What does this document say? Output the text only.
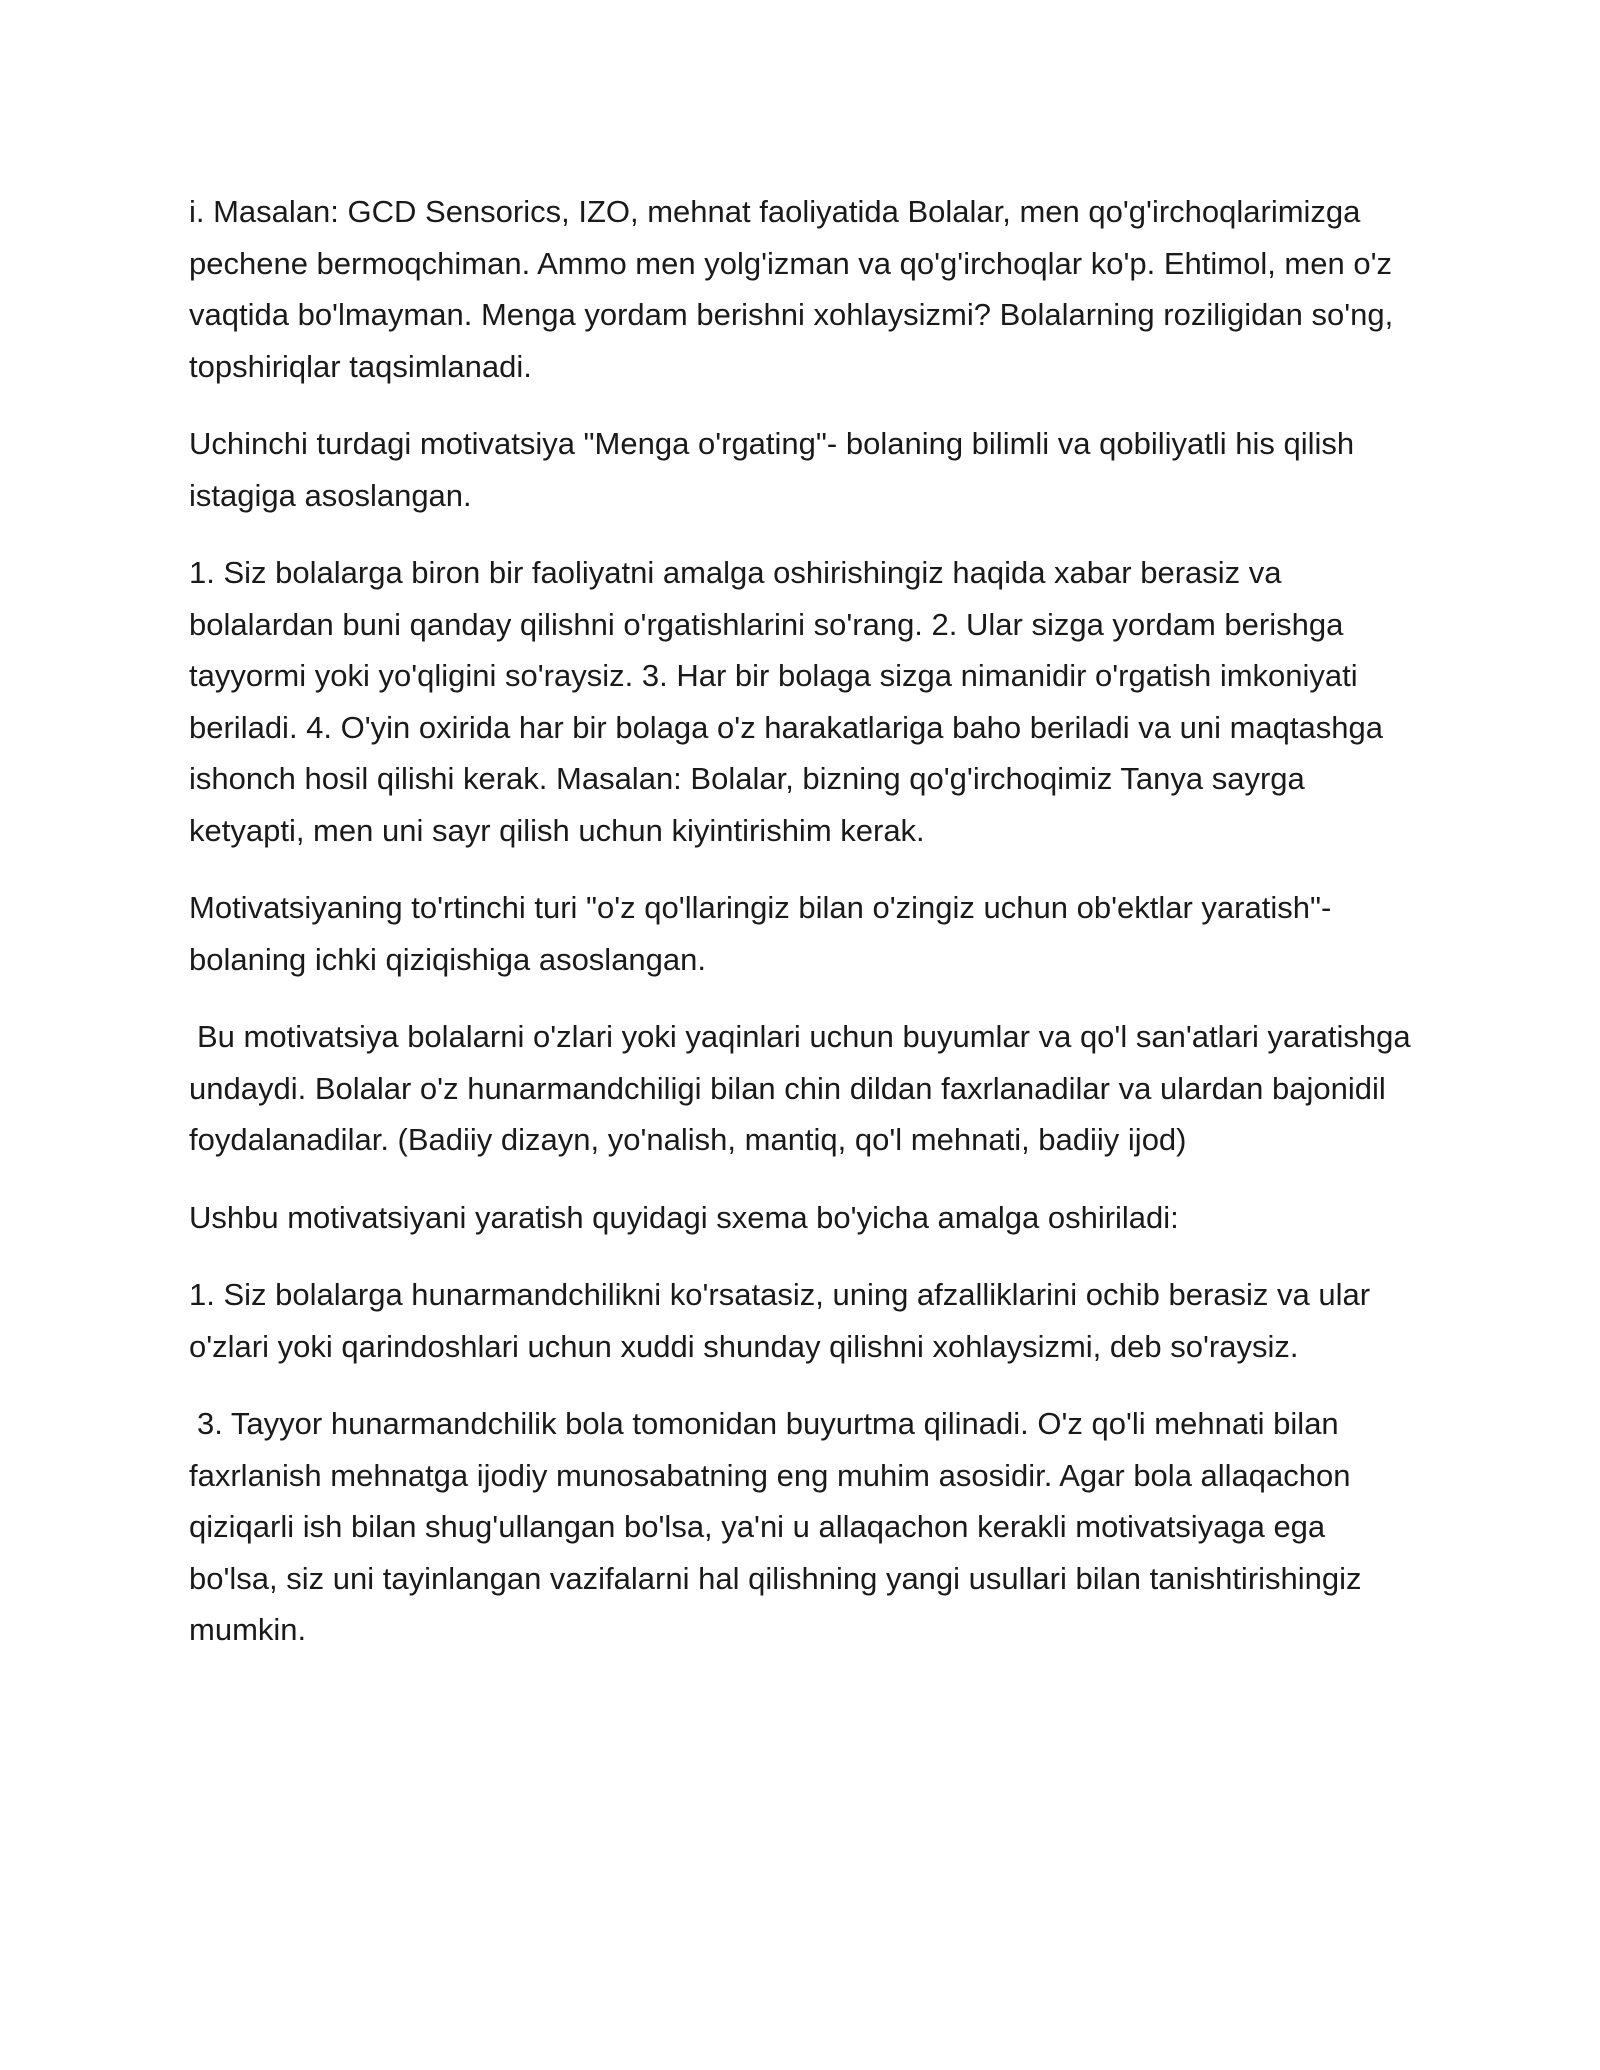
i. Masalan: GCD Sensorics, IZO, mehnat faoliyatida Bolalar, men qo'g'irchoqlarimizga pechene bermoqchiman. Ammo men yolg'izman va qo'g'irchoqlar ko'p. Ehtimol, men o'z vaqtida bo'lmayman. Menga yordam berishni xohlaysizmi? Bolalarning roziligidan so'ng, topshiriqlar taqsimlanadi.

Uchinchi turdagi motivatsiya "Menga o'rgating"- bolaning bilimli va qobiliyatli his qilish istagiga asoslangan.

1. Siz bolalarga biron bir faoliyatni amalga oshirishingiz haqida xabar berasiz va bolalardan buni qanday qilishni o'rgatishlarini so'rang. 2. Ular sizga yordam berishga tayyormi yoki yo'qligini so'raysiz. 3. Har bir bolaga sizga nimanidir o'rgatish imkoniyati beriladi. 4. O'yin oxirida har bir bolaga o'z harakatlariga baho beriladi va uni maqtashga ishonch hosil qilishi kerak. Masalan: Bolalar, bizning qo'g'irchoqimiz Tanya sayrga ketyapti, men uni sayr qilish uchun kiyintirishim kerak.

Motivatsiyaning to'rtinchi turi "o'z qo'llaringiz bilan o'zingiz uchun ob'ektlar yaratish"- bolaning ichki qiziqishiga asoslangan.

Bu motivatsiya bolalarni o'zlari yoki yaqinlari uchun buyumlar va qo'l san'atlari yaratishga undaydi. Bolalar o'z hunarmandchiligi bilan chin dildan faxrlanadilar va ulardan bajonidil foydalanadilar. (Badiiy dizayn, yo'nalish, mantiq, qo'l mehnati, badiiy ijod)

Ushbu motivatsiyani yaratish quyidagi sxema bo'yicha amalga oshiriladi:

1. Siz bolalarga hunarmandchilikni ko'rsatasiz, uning afzalliklarini ochib berasiz va ular o'zlari yoki qarindoshlari uchun xuddi shunday qilishni xohlaysizmi, deb so'raysiz.

3. Tayyor hunarmandchilik bola tomonidan buyurtma qilinadi. O'z qo'li mehnati bilan faxrlanish mehnatga ijodiy munosabatning eng muhim asosidir. Agar bola allaqachon qiziqarli ish bilan shug'ullangan bo'lsa, ya'ni u allaqachon kerakli motivatsiyaga ega bo'lsa, siz uni tayinlangan vazifalarni hal qilishning yangi usullari bilan tanishtirishingiz mumkin.
